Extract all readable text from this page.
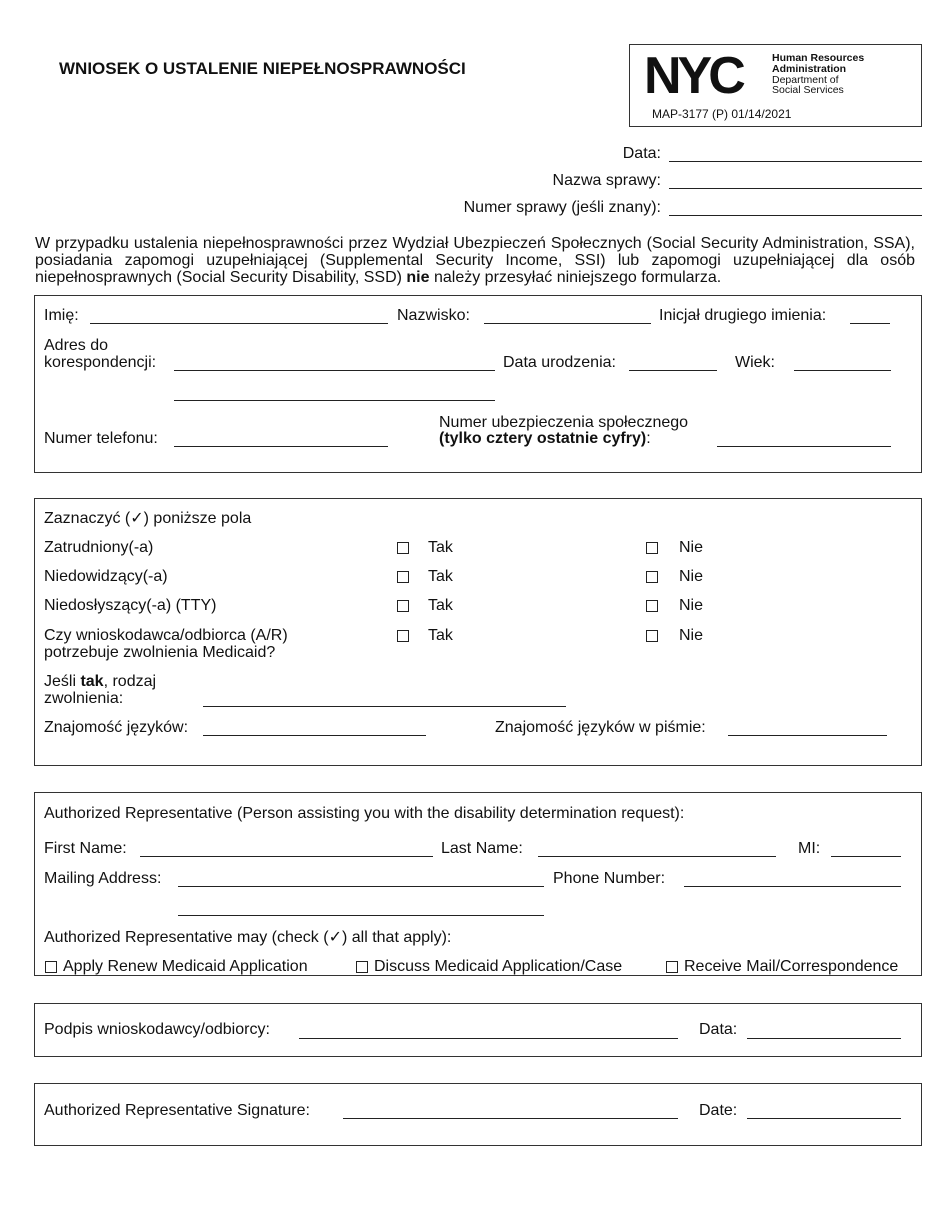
WNIOSEK O USTALENIE NIEPEŁNOSPRAWNOŚCI	NYC	Human Resources
Administration
Department of
Social Services
MAP-3177 (P) 01/14/2021
Data:
Nazwa sprawy:
Numer sprawy (jeśli znany):
W przypadku ustalenia niepełnosprawności przez Wydział Ubezpieczeń Społecznych (Social Security Administration, SSA), posiadania zapomogi uzupełniającej (Supplemental Security Income, SSI) lub zapomogi uzupełniającej dla osób niepełnosprawnych (Social Security Disability, SSD) nie należy przesyłać niniejszego formularza.
Imię:	Nazwisko:	Inicjał drugiego imienia:
Adres do
korespondencji:	Data urodzenia:	Wiek:
Numer telefonu:
Numer ubezpieczenia społecznego
(tylko cztery ostatnie cyfry):
Zaznaczyć (✓) poniższe pola
Zatrudniony(-a)	Tak	Nie
Niedowidzący(-a)	Tak	Nie
Niedosłyszący(-a) (TTY)	Tak	Nie
Czy wnioskodawca/odbiorca (A/R)
potrzebuje zwolnienia Medicaid?
Tak	Nie
Jeśli tak, rodzaj
zwolnienia:
Znajomość języków:	Znajomość języków w piśmie:
Authorized Representative (Person assisting you with the disability determination request):
First Name:	Last Name:	MI:
Mailing Address:	Phone Number:
Authorized Representative may (check (✓) all that apply):
Apply Renew Medicaid Application	Discuss Medicaid Application/Case	Receive Mail/Correspondence
Podpis wnioskodawcy/odbiorcy:	Data:
Authorized Representative Signature:	Date:
